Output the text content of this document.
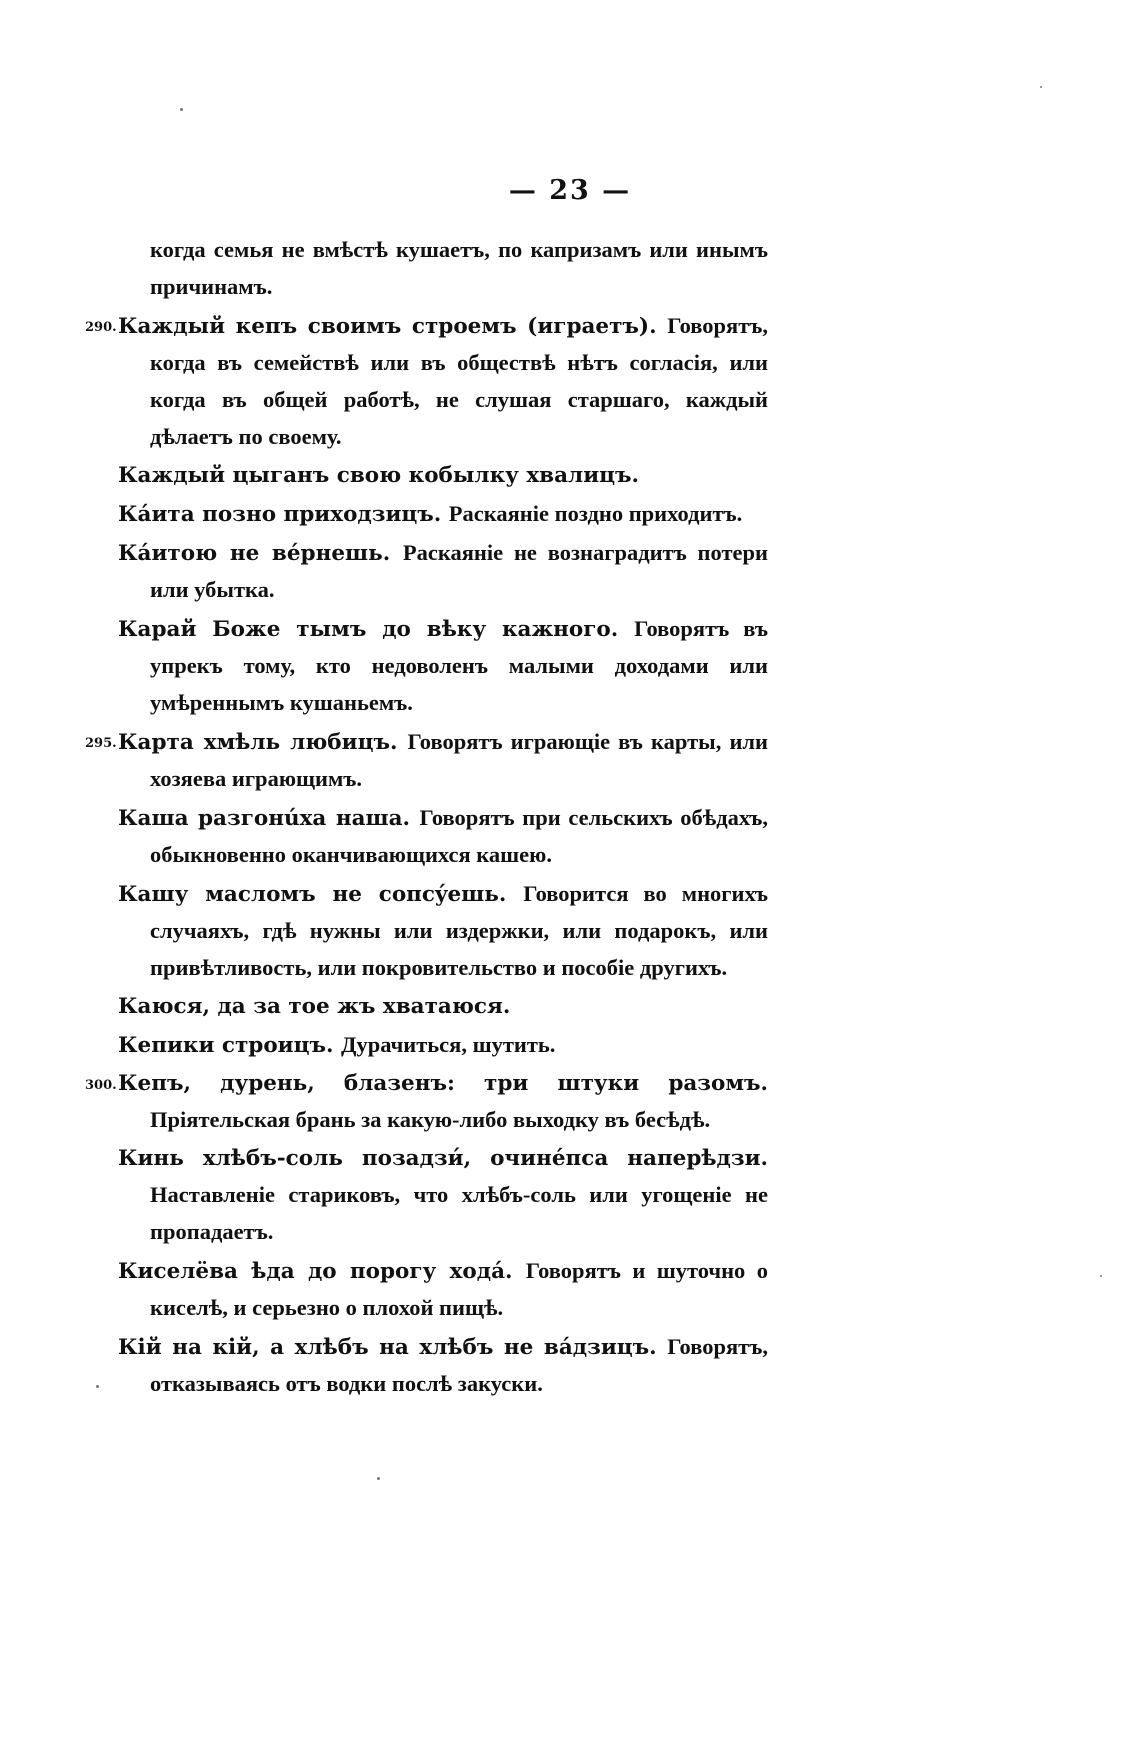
— 23 —

когда семья не вмѣстѣ кушаетъ, по капризамъ или инымъ причинамъ.

290. Каждый кепъ своимъ строемъ (играетъ). Говорятъ, когда въ семействѣ или въ обществѣ нѣтъ согласія, или когда въ общей работѣ, не слушая старшаго, каждый дѣлаетъ по своему.

Каждый цыганъ свою кобылку хвалицъ.

Кáита позно приходзицъ. Раскаяніе поздно приходитъ.

Кáитою не вéрнешь. Раскаяніе не вознаградитъ потери или убытка.

Карай Боже тымъ до вѣку кажного. Говорятъ въ упрекъ тому, кто недоволенъ малыми доходами или умѣреннымъ кушаньемъ.

295. Карта хмѣль любицъ. Говорятъ играющіе въ карты, или хозяева играющимъ.

Каша разгонúха наша. Говорятъ при сельскихъ обѣдахъ, обыкновенно оканчивающихся кашею.

Кашу масломъ не сопсýешь. Говорится во многихъ случаяхъ, гдѣ нужны или издержки, или подарокъ, или привѣтливость, или покровительство и пособіе другихъ.

Каюся, да за тое жъ хватаюся.

Кепики строицъ. Дурачиться, шутить.

300. Кепъ, дурень, блазенъ: три штуки разомъ. Пріятельская брань за какую-либо выходку въ бесѣдѣ.

Кинь хлѣбъ-соль позадзи́, очинéпса наперѣдзи. Наставленіе стариковъ, что хлѣбъ-соль или угощеніе не пропадаетъ.

Киселёва ѣда до порогу ходá. Говорятъ и шуточно о киселѣ, и серьезно о плохой пищѣ.

Кій на кій, а хлѣбъ на хлѣбъ не вáдзицъ. Говорятъ, отказываясь отъ водки послѣ закуски.
